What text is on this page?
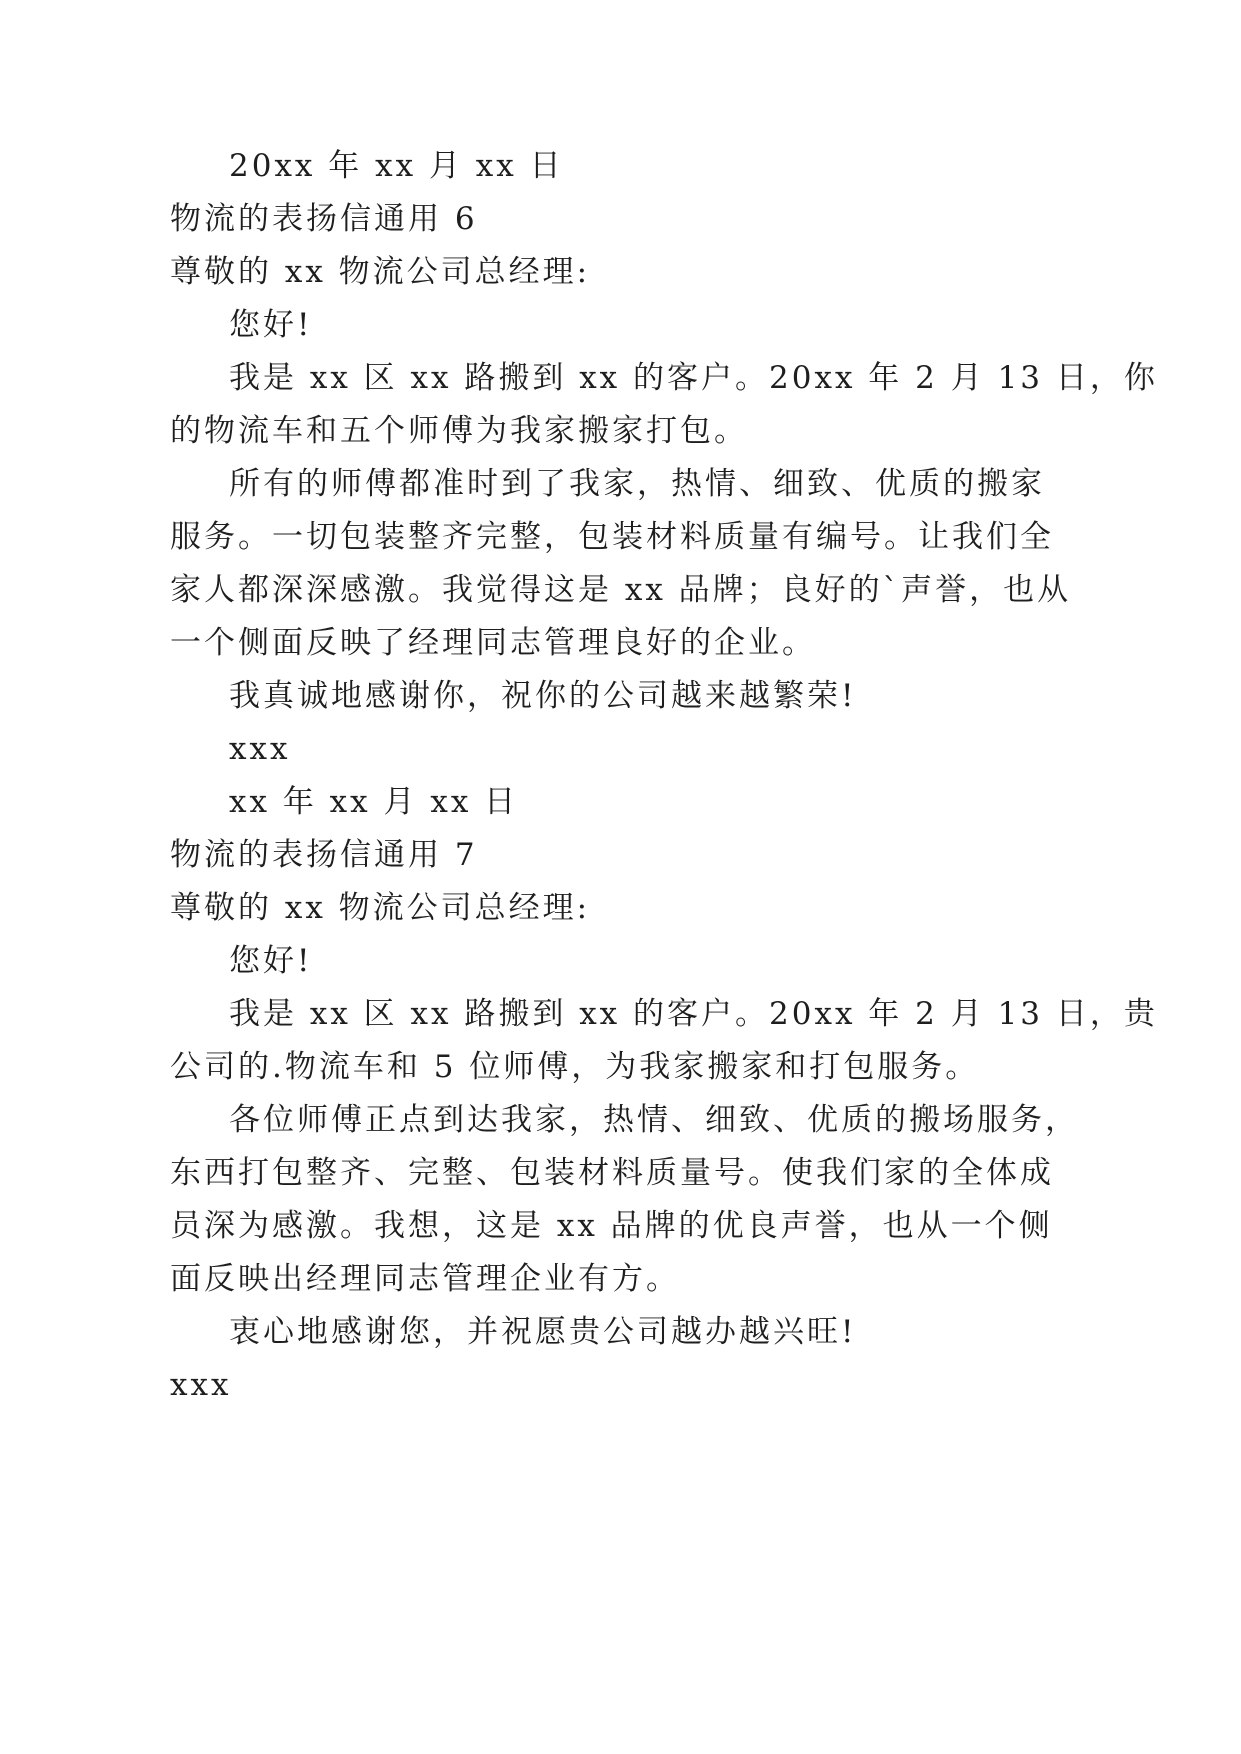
20xx 年 xx 月 xx 日
物流的表扬信通用 6
尊敬的 xx 物流公司总经理:
您好!
我是 xx 区 xx 路搬到 xx 的客户。20xx 年 2 月 13 日，你
的物流车和五个师傅为我家搬家打包。
所有的师傅都准时到了我家，热情、细致、优质的搬家
服务。一切包装整齐完整，包装材料质量有编号。让我们全
家人都深深感激。我觉得这是 xx 品牌；良好的`声誉，也从
一个侧面反映了经理同志管理良好的企业。
我真诚地感谢你，祝你的公司越来越繁荣!
xxx
xx 年 xx 月 xx 日
物流的表扬信通用 7
尊敬的 xx 物流公司总经理:
您好!
我是 xx 区 xx 路搬到 xx 的客户。20xx 年 2 月 13 日，贵
公司的.物流车和 5 位师傅，为我家搬家和打包服务。
各位师傅正点到达我家，热情、细致、优质的搬场服务，
东西打包整齐、完整、包装材料质量号。使我们家的全体成
员深为感激。我想，这是 xx 品牌的优良声誉，也从一个侧
面反映出经理同志管理企业有方。
衷心地感谢您，并祝愿贵公司越办越兴旺!
xxx
